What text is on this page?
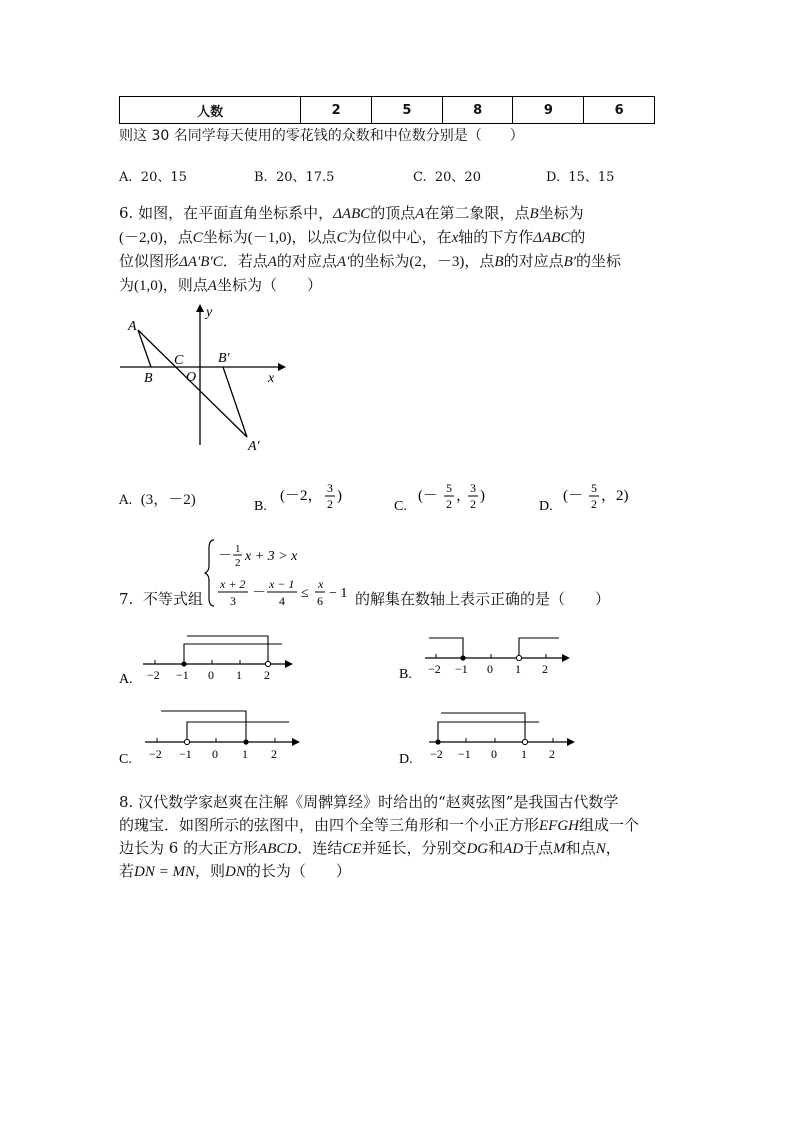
人数	2	5	8	9	6
则这 30 名同学每天使用的零花钱的众数和中位数分别是（　　）
A. 20、15	B. 20、17.5	C. 20、20	D. 15、15
6. 如图，在平面直角坐标系中，ΔABC的顶点A在第二象限，点B坐标为
(－2,0)，点C坐标为(－1,0)，以点C为位似中心，在x轴的下方作ΔABC的
位似图形ΔA′B′C．若点A的对应点A′的坐标为(2，－3)，点B的对应点B′的坐标
为(1,0)，则点A坐标为（　　）
A
B
C
O
B′
A′
x
y
A. (3，－2)	B.
(－2， 3
2 )
C.
(－ 5
2 ，
3
2 )
D.
(－ 5
2 ，2)
7. 不等式组
－ 1
2 x + 3 > x
x + 2
3 －
x − 1
4 ≤
x
6 − 1 的解集在数轴上表示正确的是（　　）
A. −2 −1 0 1 2	B. −2 −1 0 1 2
C. −2 −1 0 1 2	D. −2 −1 0 1 2
8. 汉代数学家赵爽在注解《周髀算经》时给出的“赵爽弦图”是我国古代数学
的瑰宝．如图所示的弦图中，由四个全等三角形和一个小正方形EFGH组成一个
边长为 6 的大正方形ABCD．连结CE并延长，分别交DG和AD于点M和点N，
若DN = MN，则DN的长为（　　）
